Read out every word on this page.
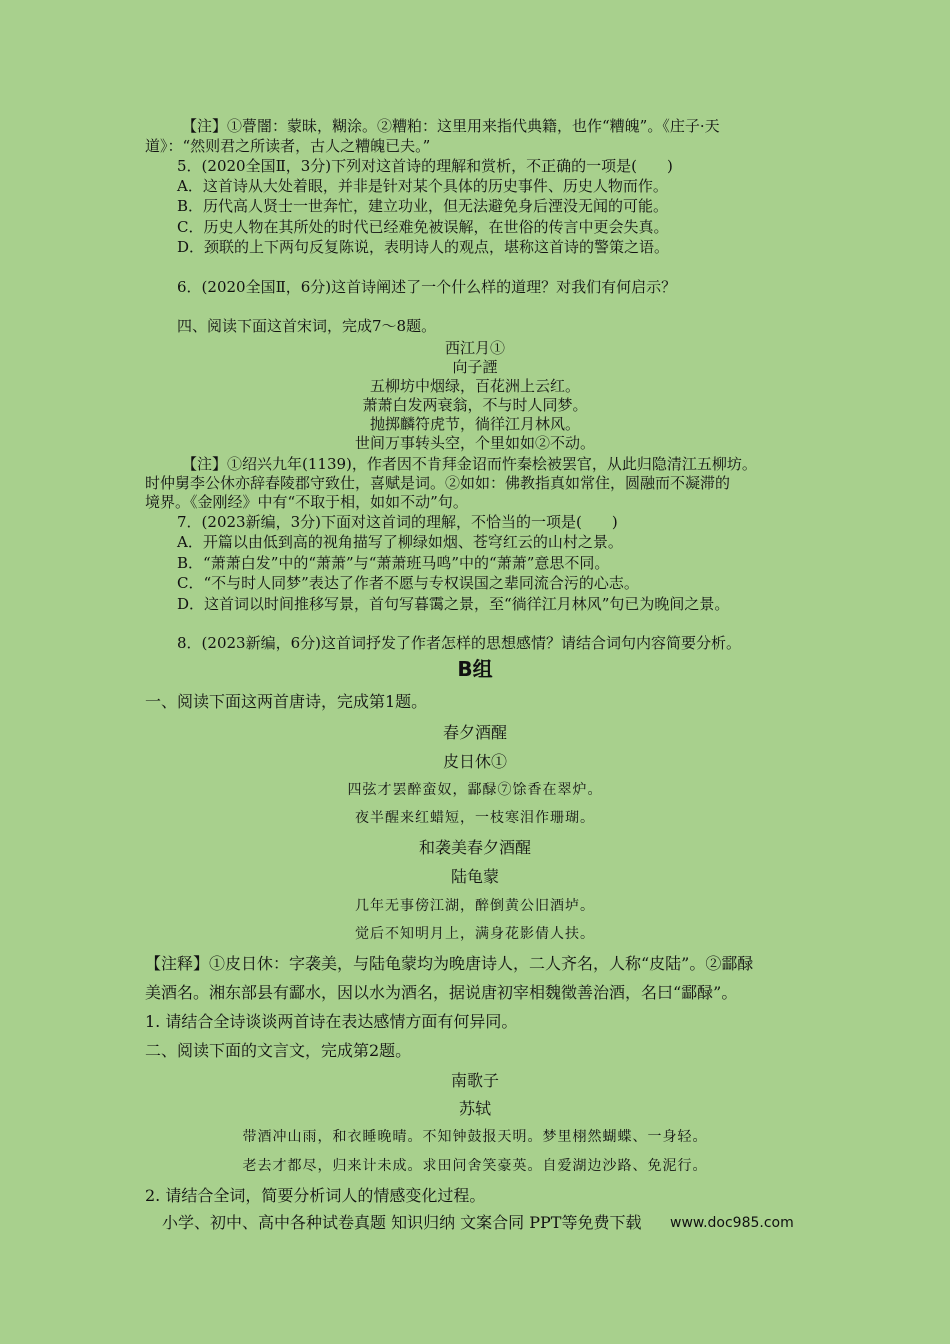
【注】①瞢闇：蒙昧，糊涂。②糟粕：这里用来指代典籍，也作“糟魄”。《庄子·天
道》：“然则君之所读者，古人之糟魄已夫。”
5．(2020全国Ⅱ，3分)下列对这首诗的理解和赏析，不正确的一项是(　　)
A．这首诗从大处着眼，并非是针对某个具体的历史事件、历史人物而作。
B．历代高人贤士一世奔忙，建立功业，但无法避免身后湮没无闻的可能。
C．历史人物在其所处的时代已经难免被误解，在世俗的传言中更会失真。
D．颈联的上下两句反复陈说，表明诗人的观点，堪称这首诗的警策之语。
6．(2020全国Ⅱ，6分)这首诗阐述了一个什么样的道理？对我们有何启示？
四、阅读下面这首宋词，完成7～8题。
西江月①
向子諲
五柳坊中烟绿，百花洲上云红。
萧萧白发两衰翁，不与时人同梦。
抛掷麟符虎节，徜徉江月林风。
世间万事转头空，个里如如②不动。
【注】①绍兴九年(1139)，作者因不肯拜金诏而忤秦桧被罢官，从此归隐清江五柳坊。
时仲舅李公休亦辞春陵郡守致仕，喜赋是词。②如如：佛教指真如常住，圆融而不凝滞的
境界。《金刚经》中有“不取于相，如如不动”句。
7．(2023新编，3分)下面对这首词的理解，不恰当的一项是(　　)
A．开篇以由低到高的视角描写了柳绿如烟、苍穹红云的山村之景。
B．“萧萧白发”中的“萧萧”与“萧萧班马鸣”中的“萧萧”意思不同。
C．“不与时人同梦”表达了作者不愿与专权误国之辈同流合污的心志。
D．这首词以时间推移写景，首句写暮霭之景，至“徜徉江月林风”句已为晚间之景。
8．(2023新编，6分)这首词抒发了作者怎样的思想感情？请结合词句内容简要分析。
B组
一、阅读下面这两首唐诗，完成第1题。
春夕酒醒
皮日休①
四弦才罢醉蛮奴，酃醁⑦馀香在翠炉。
夜半醒来红蜡短，一枝寒泪作珊瑚。
和袭美春夕酒醒
陆龟蒙
几年无事傍江湖，醉倒黄公旧酒垆。
觉后不知明月上，满身花影倩人扶。
【注释】①皮日休：字袭美，与陆龟蒙均为晚唐诗人，二人齐名，人称“皮陆”。②酃醁
美酒名。湘东部县有酃水，因以水为酒名，据说唐初宰相魏徵善治酒，名曰“酃醁”。
1. 请结合全诗谈谈两首诗在表达感情方面有何异同。
二、阅读下面的文言文，完成第2题。
南歌子
苏轼
带酒冲山雨，和衣睡晚晴。不知钟鼓报天明。梦里栩然蝴蝶、一身轻。
老去才都尽，归来计未成。求田问舍笑豪英。自爱湖边沙路、免泥行。
2. 请结合全词，简要分析词人的情感变化过程。
小学、初中、高中各种试卷真题 知识归纳 文案合同 PPT等免费下载 www.doc985.com
